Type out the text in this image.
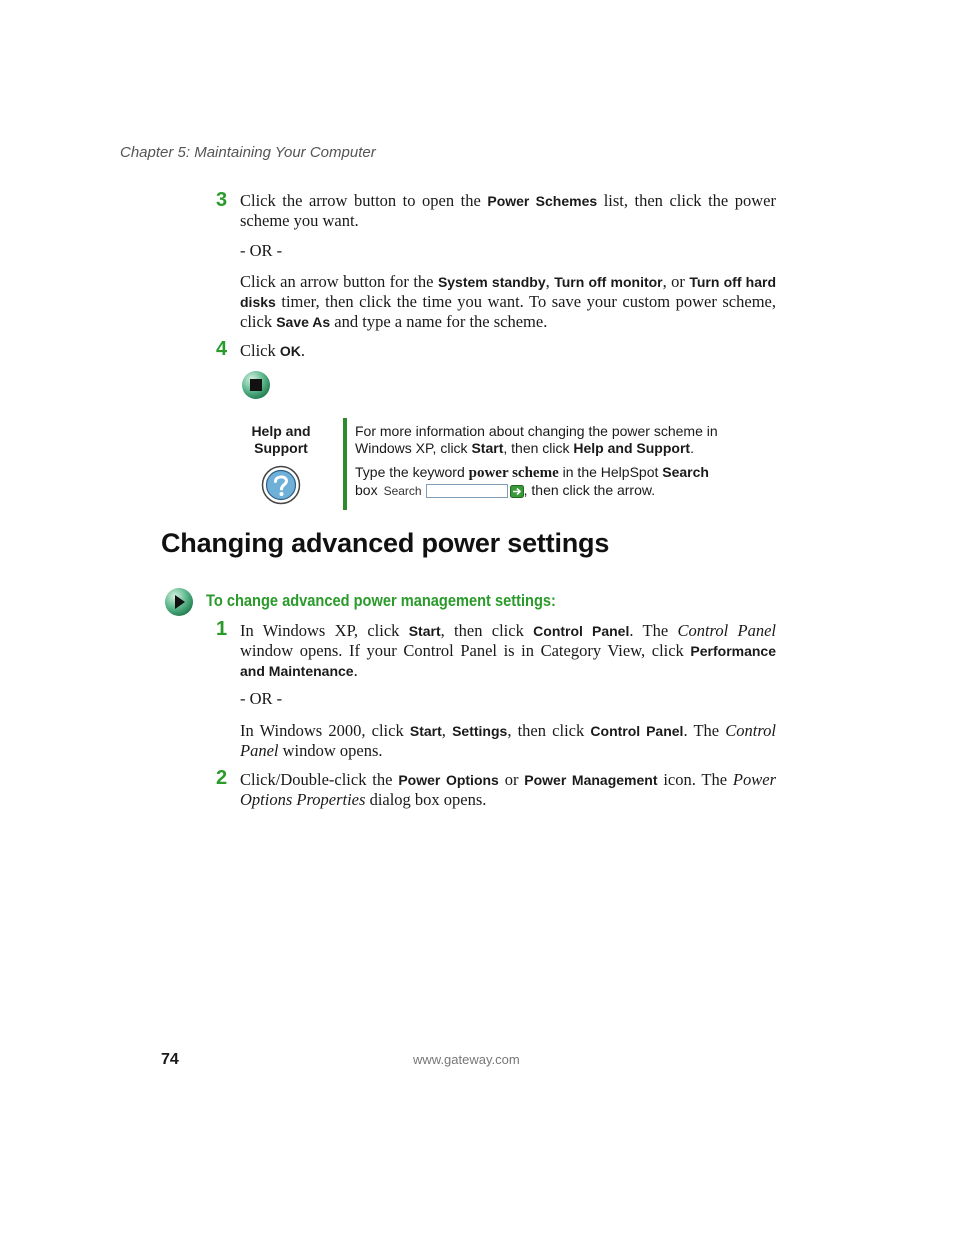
Chapter 5: Maintaining Your Computer
3 Click the arrow button to open the Power Schemes list, then click the power scheme you want.
- OR -
Click an arrow button for the System standby, Turn off monitor, or Turn off hard disks timer, then click the time you want. To save your custom power scheme, click Save As and type a name for the scheme.
4 Click OK.
Help and Support
For more information about changing the power scheme in Windows XP, click Start, then click Help and Support.
Type the keyword power scheme in the HelpSpot Search
box Search	, then click the arrow.
Changing advanced power settings
To change advanced power management settings:
1 In Windows XP, click Start, then click Control Panel. The Control Panel window opens. If your Control Panel is in Category View, click Performance and Maintenance.
- OR -
In Windows 2000, click Start, Settings, then click Control Panel. The Control Panel window opens.
2 Click/Double-click the Power Options or Power Management icon. The Power Options Properties dialog box opens.
74	www.gateway.com
